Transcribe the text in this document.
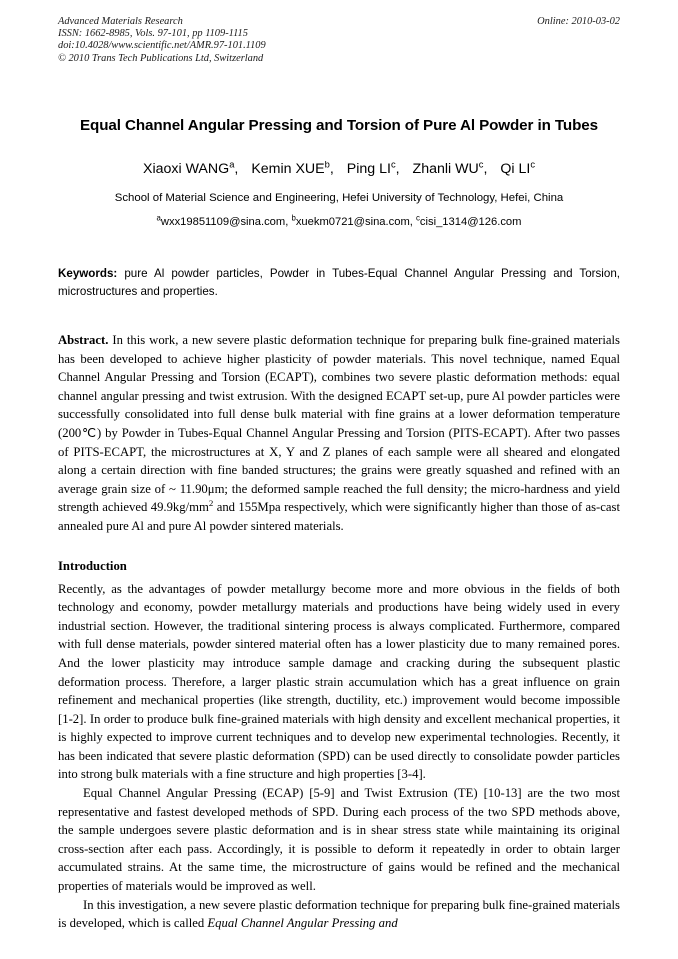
Advanced Materials Research
ISSN: 1662-8985, Vols. 97-101, pp 1109-1115
doi:10.4028/www.scientific.net/AMR.97-101.1109
© 2010 Trans Tech Publications Ltd, Switzerland
Online: 2010-03-02
Equal Channel Angular Pressing and Torsion of Pure Al Powder in Tubes
Xiaoxi WANG$^a$, Kemin XUE$^b$, Ping $LI^c$, Zhanli $WU^c$, Qi $LI^c$
School of Material Science and Engineering, Hefei University of Technology, Hefei, China
$^a$wxx19851109@sina.com, $^b$xuekm0721@sina.com, $^c$cisi_1314@126.com
Keywords: pure Al powder particles, Powder in Tubes-Equal Channel Angular Pressing and Torsion, microstructures and properties.
Abstract. In this work, a new severe plastic deformation technique for preparing bulk fine-grained materials has been developed to achieve higher plasticity of powder materials. This novel technique, named Equal Channel Angular Pressing and Torsion (ECAPT), combines two severe plastic deformation methods: equal channel angular pressing and twist extrusion. With the designed ECAPT set-up, pure Al powder particles were successfully consolidated into full dense bulk material with fine grains at a lower deformation temperature (200℃) by Powder in Tubes-Equal Channel Angular Pressing and Torsion (PITS-ECAPT). After two passes of PITS-ECAPT, the microstructures at X, Y and Z planes of each sample were all sheared and elongated along a certain direction with fine banded structures; the grains were greatly squashed and refined with an average grain size of ~ 11.90μm; the deformed sample reached the full density; the micro-hardness and yield strength achieved $49.9kg/mm^2$ and 155Mpa respectively, which were significantly higher than those of as-cast annealed pure Al and pure Al powder sintered materials.
Introduction
Recently, as the advantages of powder metallurgy become more and more obvious in the fields of both technology and economy, powder metallurgy materials and productions have being widely used in every industrial section. However, the traditional sintering process is always complicated. Furthermore, compared with full dense materials, powder sintered material often has a lower plasticity due to many remained pores. And the lower plasticity may introduce sample damage and cracking during the subsequent plastic deformation process. Therefore, a larger plastic strain accumulation which has a great influence on grain refinement and mechanical properties (like strength, ductility, etc.) improvement would become impossible [1-2]. In order to produce bulk fine-grained materials with high density and excellent mechanical properties, it is highly expected to improve current techniques and to develop new experimental technologies. Recently, it has been indicated that severe plastic deformation (SPD) can be used directly to consolidate powder particles into strong bulk materials with a fine structure and high properties [3-4].
Equal Channel Angular Pressing (ECAP) [5-9] and Twist Extrusion (TE) [10-13] are the two most representative and fastest developed methods of SPD. During each process of the two SPD methods above, the sample undergoes severe plastic deformation and is in shear stress state while maintaining its original cross-section after each pass. Accordingly, it is possible to deform it repeatedly in order to obtain larger accumulated strains. At the same time, the microstructure of gains would be refined and the mechanical properties of materials would be improved as well.
In this investigation, a new severe plastic deformation technique for preparing bulk fine-grained materials is developed, which is called Equal Channel Angular Pressing and
